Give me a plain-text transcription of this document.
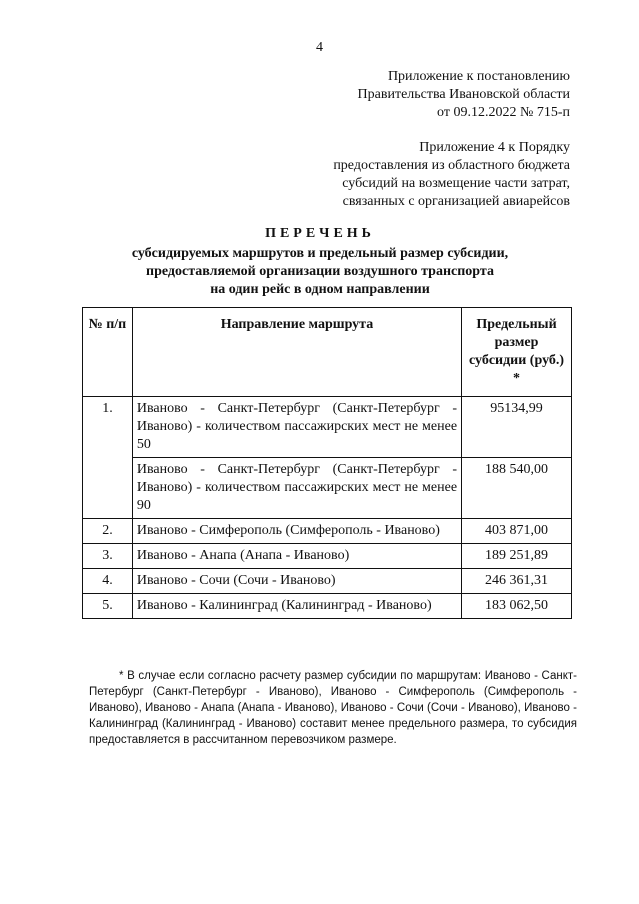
4
Приложение к постановлению
Правительства Ивановской области
от 09.12.2022 № 715-п
Приложение 4 к Порядку
предоставления из областного бюджета
субсидий на возмещение части затрат,
связанных с организацией авиарейсов
ПЕРЕЧЕНЬ
субсидируемых маршрутов и предельный размер субсидии,
предоставляемой организации воздушного транспорта
на один рейс в одном направлении
№ п/п	Направление маршрута	Предельный размер субсидии (руб.) *
1.	Иваново - Санкт-Петербург (Санкт-Петербург - Иваново) - количеством пассажирских мест не менее 50	95134,99
	Иваново - Санкт-Петербург (Санкт-Петербург - Иваново) - количеством пассажирских мест не менее 90	188 540,00
2.	Иваново - Симферополь (Симферополь - Иваново)	403 871,00
3.	Иваново - Анапа (Анапа - Иваново)	189 251,89
4.	Иваново - Сочи (Сочи - Иваново)	246 361,31
5.	Иваново - Калининград (Калининград - Иваново)	183 062,50
* В случае если согласно расчету размер субсидии по маршрутам: Иваново - Санкт-Петербург (Санкт-Петербург - Иваново), Иваново - Симферополь (Симферополь - Иваново), Иваново - Анапа (Анапа - Иваново), Иваново - Сочи (Сочи - Иваново), Иваново - Калининград (Калининград - Иваново) составит менее предельного размера, то субсидия предоставляется в рассчитанном перевозчиком размере.
